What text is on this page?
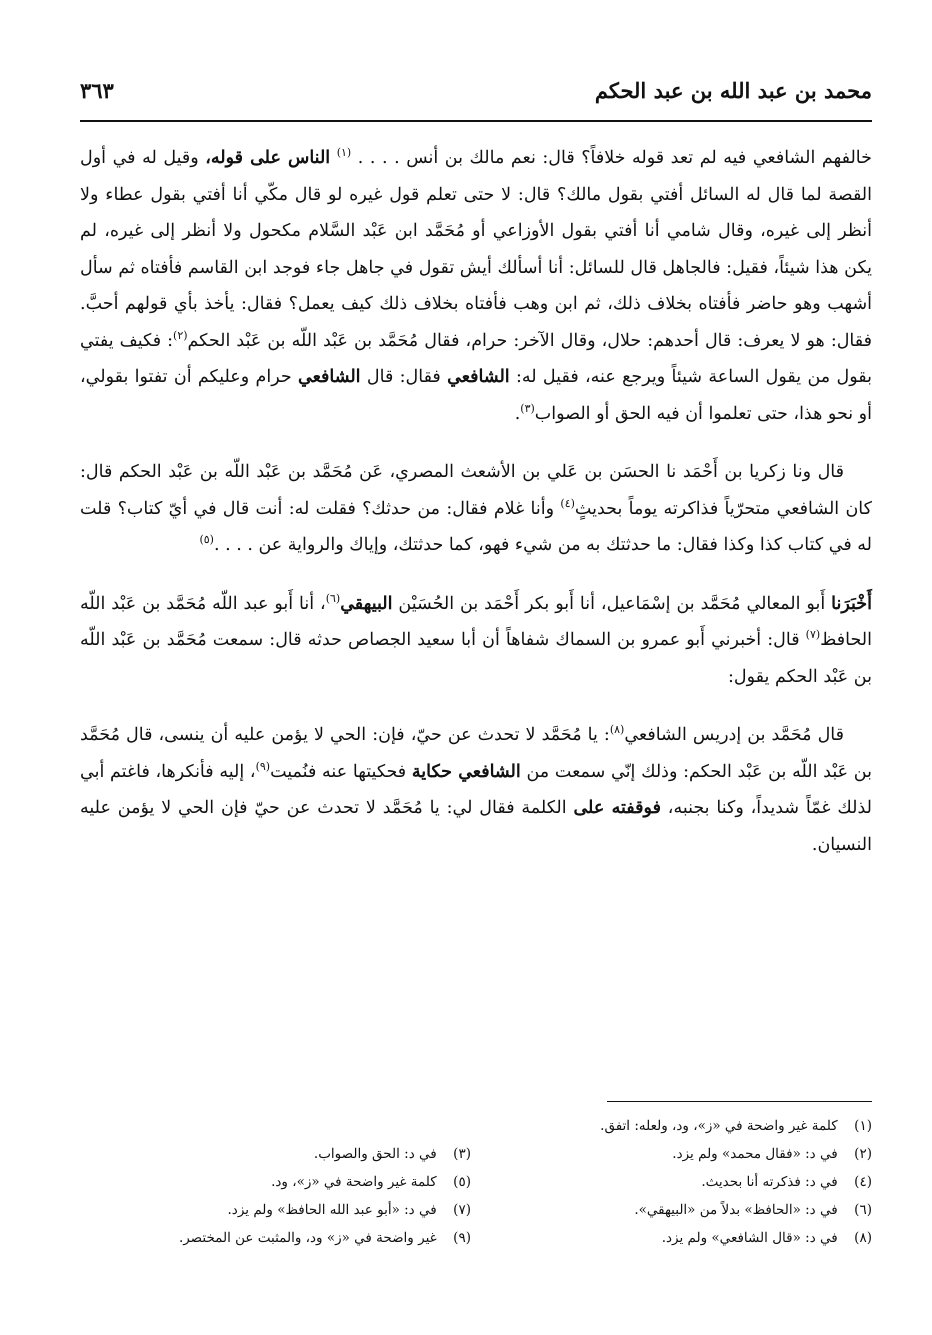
محمد بن عبد الله بن عبد الحكم
٣٦٣

خالفهم الشافعي فيه لم تعد قوله خلافاً؟ قال: نعم مالك بن أنس . . . . $^{(١)}$ الناس على قوله، وقيل له في أول القصة لما قال له السائل أفتي بقول مالك؟ قال: لا حتى تعلم قول غيره لو قال مكّي أنا أفتي بقول عطاء ولا أنظر إلى غيره، وقال شامي أنا أفتي بقول الأوزاعي أو مُحَمَّد ابن عَبْد السَّلام مكحول ولا أنظر إلى غيره، لم يكن هذا شيئاً، فقيل: فالجاهل قال للسائل: أنا أسألك أيش تقول في جاهل جاء فوجد ابن القاسم فأفتاه ثم سأل أشهب وهو حاضر فأفتاه بخلاف ذلك، ثم ابن وهب فأفتاه بخلاف ذلك كيف يعمل؟ فقال: يأخذ بأي قولهم أحبَّ. فقال: هو لا يعرف: قال أحدهم: حلال، وقال الآخر: حرام، فقال مُحَمَّد بن عَبْد اللّه بن عَبْد الحكم$^{(٢)}$: فكيف يفتي بقول من يقول الساعة شيئاً ويرجع عنه، فقيل له: الشافعي فقال: قال الشافعي حرام وعليكم أن تفتوا بقولي، أو نحو هذا، حتى تعلموا أن فيه الحق أو الصواب$^{(٣)}$.

قال ونا زكريا بن أَحْمَد نا الحسَن بن عَلي بن الأشعث المصري، عَن مُحَمَّد بن عَبْد اللّه بن عَبْد الحكم قال: كان الشافعي متحرّياً فذاكرته يوماً بحديثٍ$^{(٤)}$ وأنا غلام فقال: من حدثك؟ فقلت له: أنت قال في أيّ كتاب؟ قلت له في كتاب كذا وكذا فقال: ما حدثتك به من شيء فهو، كما حدثتك، وإياك والرواية عن . . . .$^{(٥)}$

أَخْبَرَنا أَبو المعالي مُحَمَّد بن إسْمَاعيل، أنا أَبو بكر أَحْمَد بن الحُسَيْن البيهقي$^{(٦)}$، أنا أَبو عبد اللّه مُحَمَّد بن عَبْد اللّه الحافظ$^{(٧)}$ قال: أخبرني أَبو عمرو بن السماك شفاهاً أن أبا سعيد الجصاص حدثه قال: سمعت مُحَمَّد بن عَبْد اللّه بن عَبْد الحكم يقول:

قال مُحَمَّد بن إدريس الشافعي$^{(٨)}$: يا مُحَمَّد لا تحدث عن حيّ، فإن: الحي لا يؤمن عليه أن ينسى، قال مُحَمَّد بن عَبْد اللّه بن عَبْد الحكم: وذلك إنّي سمعت من الشافعي حكاية فحكيتها عنه فنُميت$^{(٩)}$، إليه فأنكرها، فاغتم أبي لذلك غمّاً شديداً، وكنا بجنبه، فوقفته على الكلمة فقال لي: يا مُحَمَّد لا تحدث عن حيّ فإن الحي لا يؤمن عليه النسيان.

(١) كلمة غير واضحة في «ز»، ود، ولعله: اتفق.
(٢) في د: «فقال محمد» ولم يزد.
(٣) في د: الحق والصواب.
(٤) في د: فذكرته أنا بحديث.
(٥) كلمة غير واضحة في «ز»، ود.
(٦) في د: «الحافظ» بدلاً من «البيهقي».
(٧) في د: «أبو عبد الله الحافظ» ولم يزد.
(٨) في د: «قال الشافعي» ولم يزد.
(٩) غير واضحة في «ز» ود، والمثبت عن المختصر.
